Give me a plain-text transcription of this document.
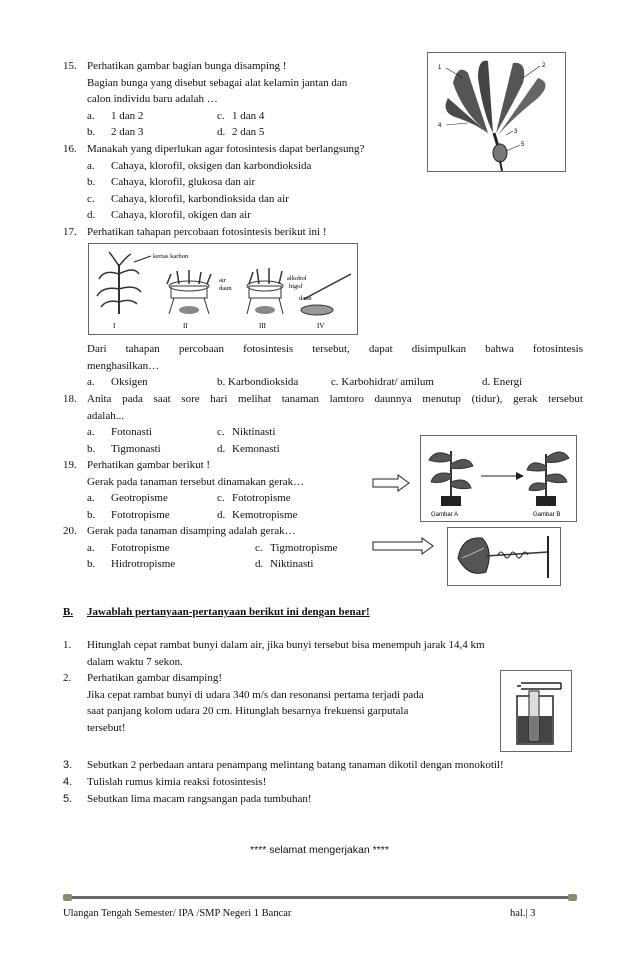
15. Perhatikan gambar bagian bunga disamping !
Bagian bunga yang disebut sebagai alat kelamin jantan dan
calon individu baru adalah …
a. 1 dan 2	c. 1 dan 4
b. 2 dan 3	d. 2 dan 5
1	2
3
4
5
16. Manakah yang diperlukan agar fotosintesis dapat berlangsung?
a. Cahaya, klorofil, oksigen dan karbondioksida
b. Cahaya, klorofil, glukosa dan air
c. Cahaya, klorofil, karbondioksida dan air
d. Cahaya, klorofil, okigen dan air
17. Perhatikan tahapan percobaan fotosintesis berikut ini !
kertas karbon
air
daun
alkohol
higol
daun
I	II	III	IV
Dari tahapan percobaan fotosintesis tersebut, dapat disimpulkan bahwa fotosintesis
menghasilkan…
a. Oksigen	b. Karbondioksida	c. Karbohidrat/ amilum	d. Energi
18. Anita pada saat sore hari melihat tanaman lamtoro daunnya menutup (tidur), gerak tersebut
adalah...
a. Fotonasti	c. Niktinasti
b. Tigmonasti	d. Kemonasti
19. Perhatikan gambar berikut !
Gerak pada tanaman tersebut dinamakan gerak…
a. Geotropisme	c. Fototropisme
b. Fototropisme	d. Kemotropisme	Gambar A	Gambar B
20. Gerak pada tanaman disamping adalah gerak…
a. Fototropisme	c. Tigmotropisme
b. Hidrotropisme	d. Niktinasti
B. Jawablah pertanyaan-pertanyaan berikut ini dengan benar!
1.	Hitunglah cepat rambat bunyi dalam air, jika bunyi tersebut bisa menempuh jarak 14,4 km
dalam waktu 7 sekon.
2.	Perhatikan gambar disamping!
Jika cepat rambat bunyi di udara 340 m/s dan resonansi pertama terjadi pada
saat panjang kolom udara 20 cm. Hitunglah besarnya frekuensi garputala
tersebut!
3.	Sebutkan 2 perbedaan antara penampang melintang batang tanaman dikotil dengan monokotil!
4.	Tulislah rumus kimia reaksi fotosintesis!
5.	Sebutkan lima macam rangsangan pada tumbuhan!
**** selamat mengerjakan ****
Ulangan Tengah Semester/ IPA /SMP Negeri 1 Bancar	hal.| 3
